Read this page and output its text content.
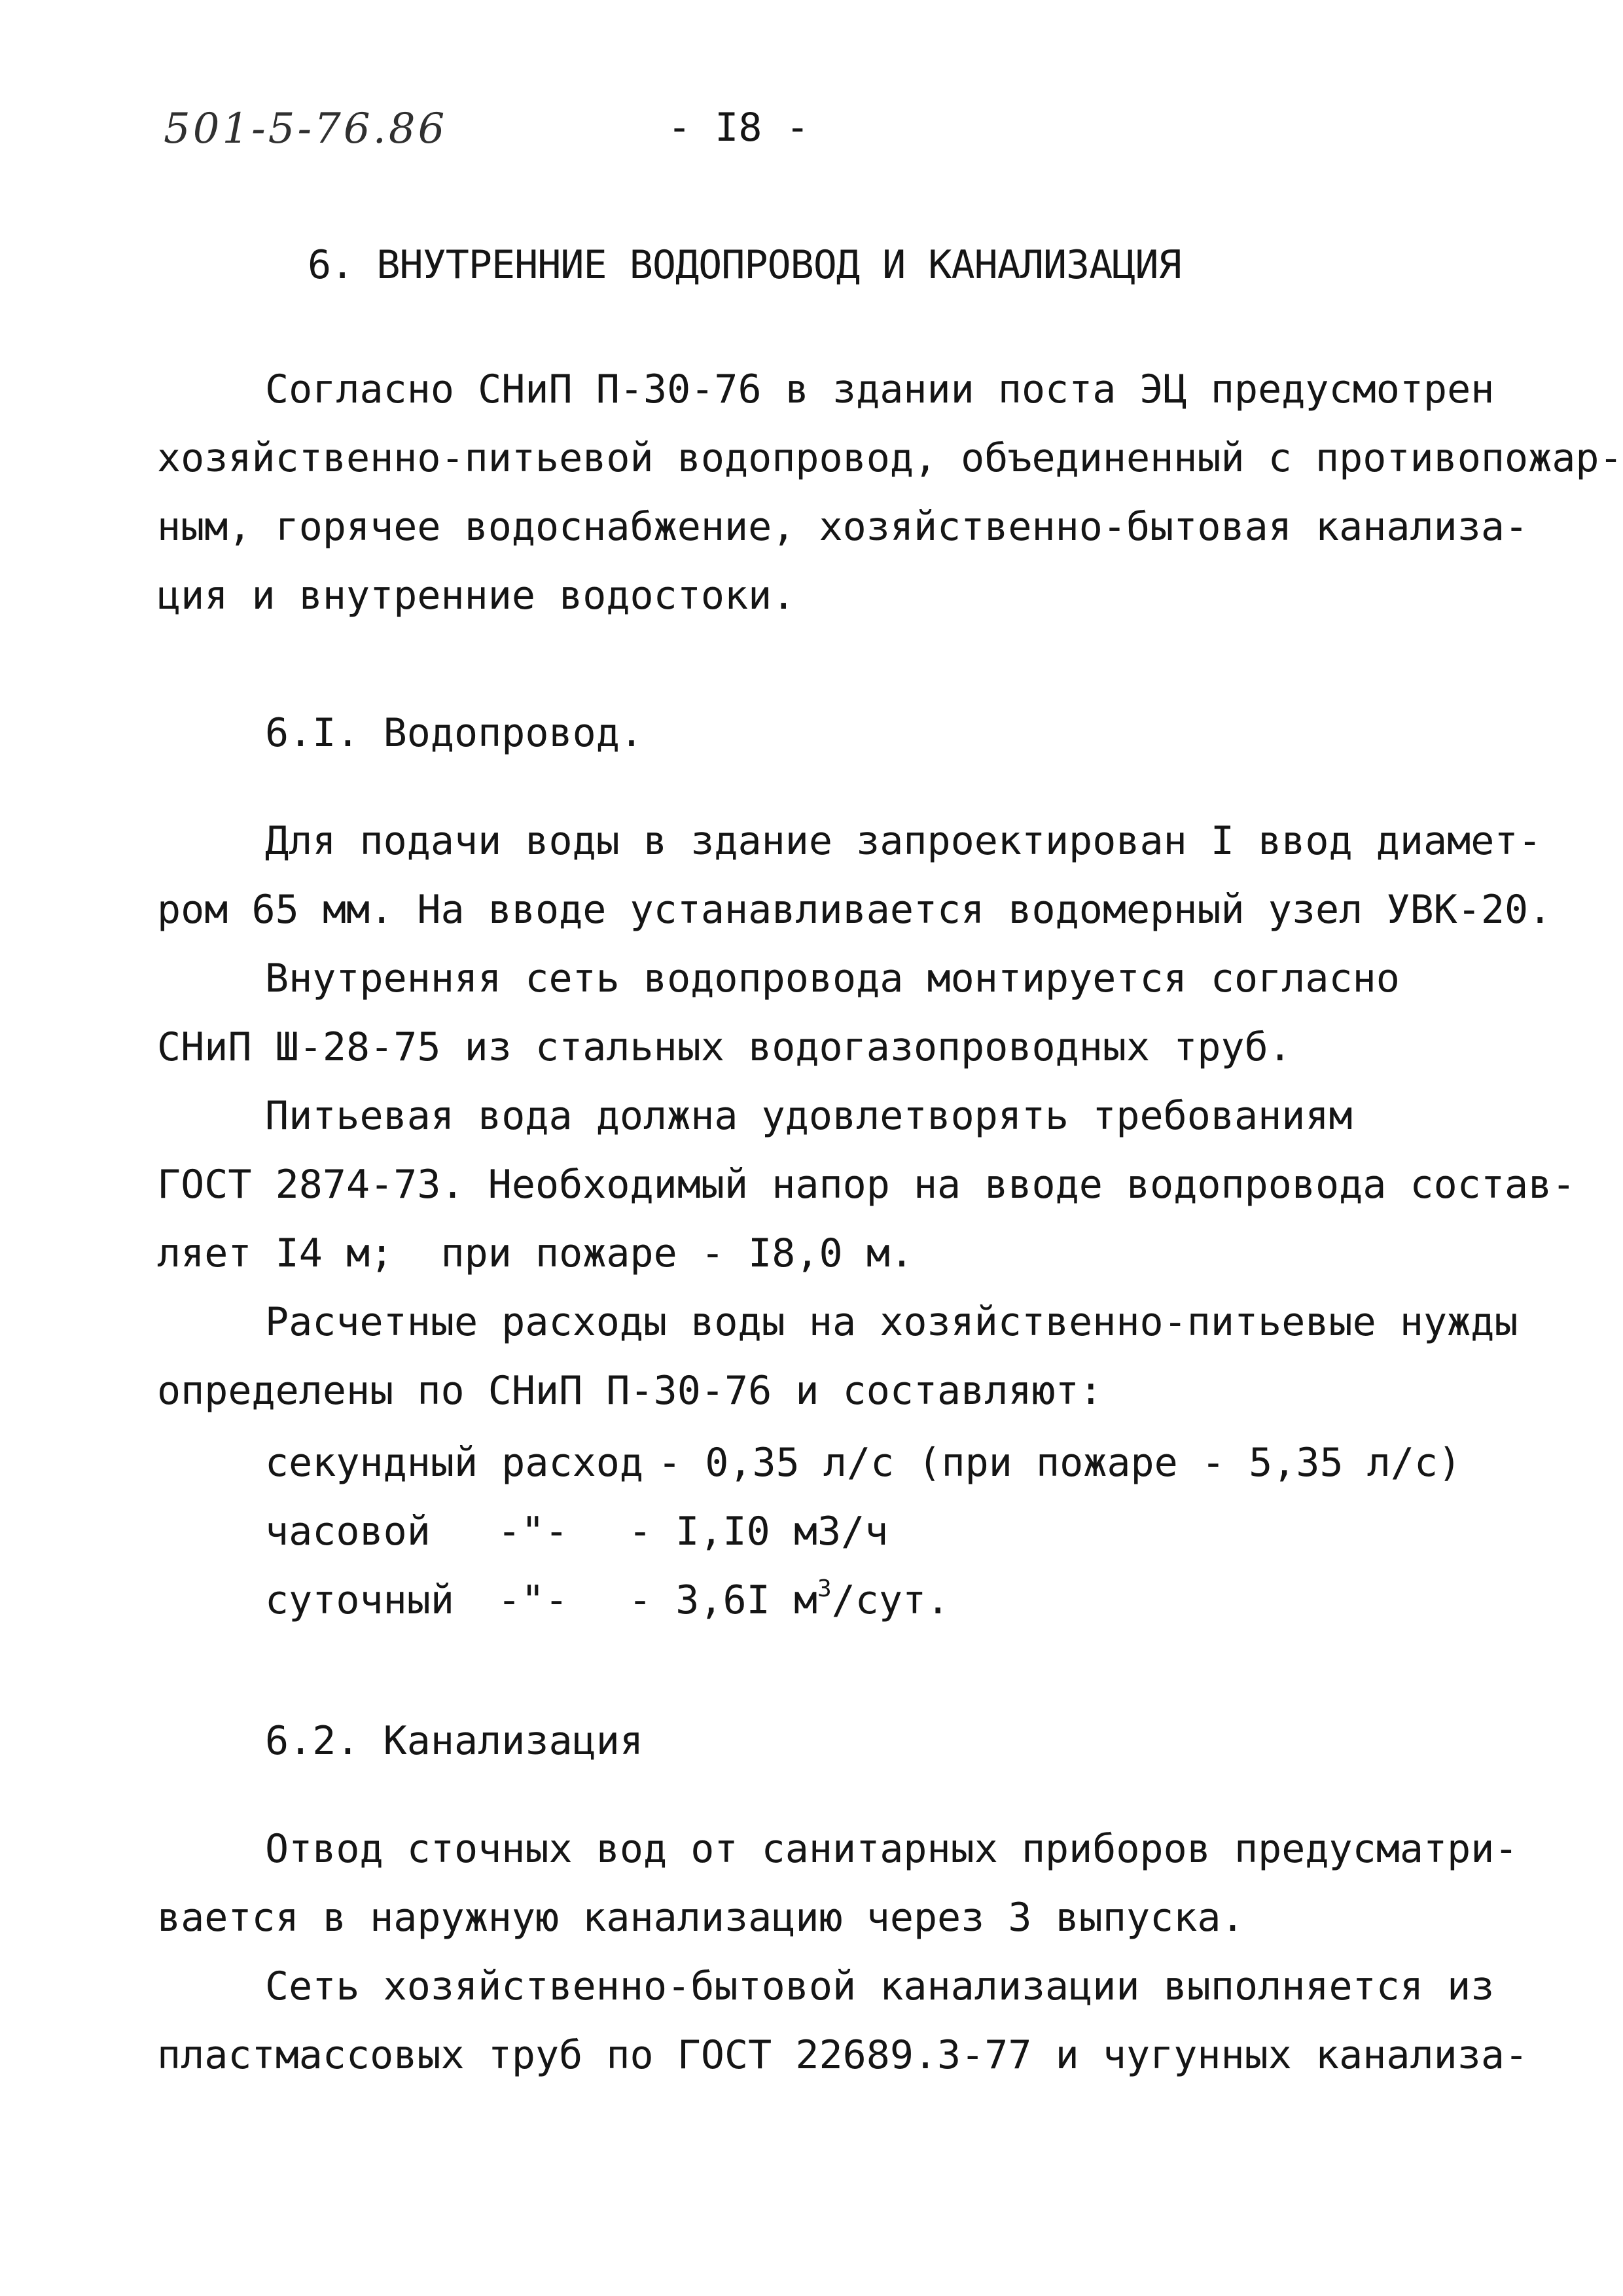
501-5-76.86	- I8 -
6. ВНУТРЕННИЕ ВОДОПРОВОД И КАНАЛИЗАЦИЯ
Согласно СНиП П-30-76 в здании поста ЭЦ предусмотрен
хозяйственно-питьевой водопровод, объединенный с противопожар-
ным, горячее водоснабжение, хозяйственно-бытовая канализа-
ция и внутренние водостоки.
6.I. Водопровод.
Для подачи воды в здание запроектирован I ввод диамет-
ром 65 мм. На вводе устанавливается водомерный узел УВК-20.
Внутренняя сеть водопровода монтируется согласно
СНиП Ш-28-75 из стальных водогазопроводных труб.
Питьевая вода должна удовлетворять требованиям
ГОСТ 2874-73. Необходимый напор на вводе водопровода состав-
ляет I4 м;  при пожаре - I8,0 м.
Расчетные расходы воды на хозяйственно-питьевые нужды
определены по СНиП П-30-76 и составляют:
секундный расход - 0,35 л/с (при пожаре - 5,35 л/с)
часовой -"- - I,I0 м3/ч
суточный -"- - 3,6I $м^3$/сут.
6.2. Канализация
Отвод сточных вод от санитарных приборов предусматри-
вается в наружную канализацию через 3 выпуска.
Сеть хозяйственно-бытовой канализации выполняется из
пластмассовых труб по ГОСТ 22689.3-77 и чугунных канализа-
